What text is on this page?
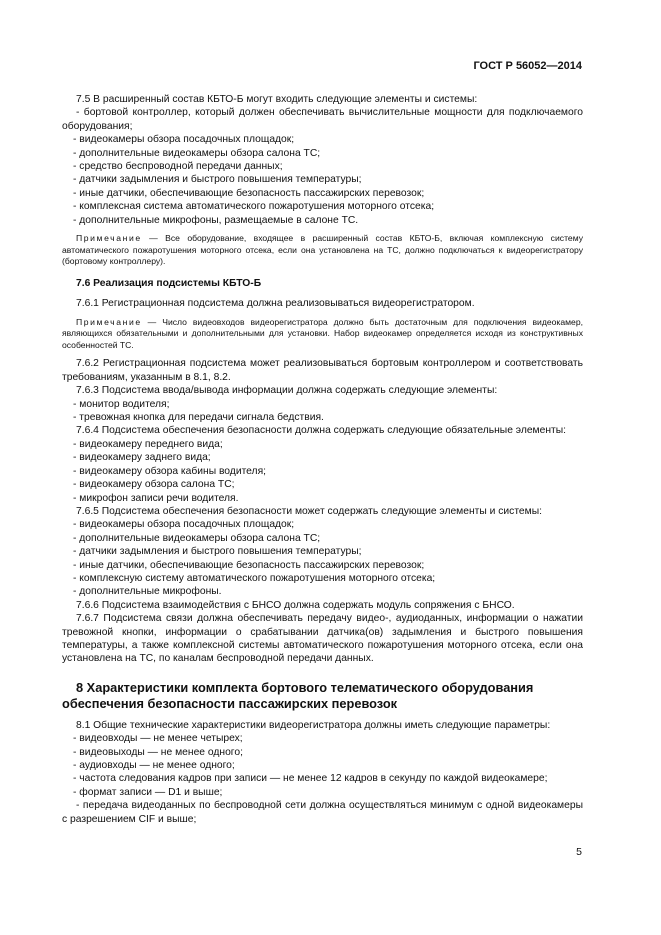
ГОСТ Р 56052—2014

7.5 В расширенный состав КБТО-Б могут входить следующие элементы и системы:

- бортовой контроллер, который должен обеспечивать вычислительные мощности для подключаемого оборудования;

- видеокамеры обзора посадочных площадок;

- дополнительные видеокамеры обзора салона ТС;

- средство беспроводной передачи данных;

- датчики задымления и быстрого повышения температуры;

- иные датчики, обеспечивающие безопасность пассажирских перевозок;

- комплексная система автоматического пожаротушения моторного отсека;

- дополнительные микрофоны, размещаемые в салоне ТС.

Примечание — Все оборудование, входящее в расширенный состав КБТО-Б, включая комплексную систему автоматического пожаротушения моторного отсека, если она установлена на ТС, должно подключаться к видеорегистратору (бортовому контроллеру).

7.6 Реализация подсистемы КБТО-Б

7.6.1 Регистрационная подсистема должна реализовываться видеорегистратором.

Примечание — Число видеовходов видеорегистратора должно быть достаточным для подключения видеокамер, являющихся обязательными и дополнительными для установки. Набор видеокамер определяется исходя из конструктивных особенностей ТС.

7.6.2 Регистрационная подсистема может реализовываться бортовым контроллером и соответствовать требованиям, указанным в 8.1, 8.2.

7.6.3 Подсистема ввода/вывода информации должна содержать следующие элементы:

- монитор водителя;

- тревожная кнопка для передачи сигнала бедствия.

7.6.4 Подсистема обеспечения безопасности должна содержать следующие обязательные элементы:

- видеокамеру переднего вида;

- видеокамеру заднего вида;

- видеокамеру обзора кабины водителя;

- видеокамеру обзора салона ТС;

- микрофон записи речи водителя.

7.6.5 Подсистема обеспечения безопасности может содержать следующие элементы и системы:

- видеокамеры обзора посадочных площадок;

- дополнительные видеокамеры обзора салона ТС;

- датчики задымления и быстрого повышения температуры;

- иные датчики, обеспечивающие безопасность пассажирских перевозок;

- комплексную систему автоматического пожаротушения моторного отсека;

- дополнительные микрофоны.

7.6.6 Подсистема взаимодействия с БНСО должна содержать модуль сопряжения с БНСО.

7.6.7 Подсистема связи должна обеспечивать передачу видео-, аудиоданных, информации о нажатии тревожной кнопки, информации о срабатывании датчика(ов) задымления и быстрого повышения температуры, а также комплексной системы автоматического пожаротушения моторного отсека, если она установлена на ТС, по каналам беспроводной передачи данных.

8 Характеристики комплекта бортового телематического оборудования обеспечения безопасности пассажирских перевозок

8.1 Общие технические характеристики видеорегистратора должны иметь следующие параметры:

- видеовходы — не менее четырех;

- видеовыходы — не менее одного;

- аудиовходы — не менее одного;

- частота следования кадров при записи — не менее 12 кадров в секунду по каждой видеокамере;

- формат записи — D1 и выше;

- передача видеоданных по беспроводной сети должна осуществляться минимум с одной видеокамеры с разрешением CIF и выше;

5
